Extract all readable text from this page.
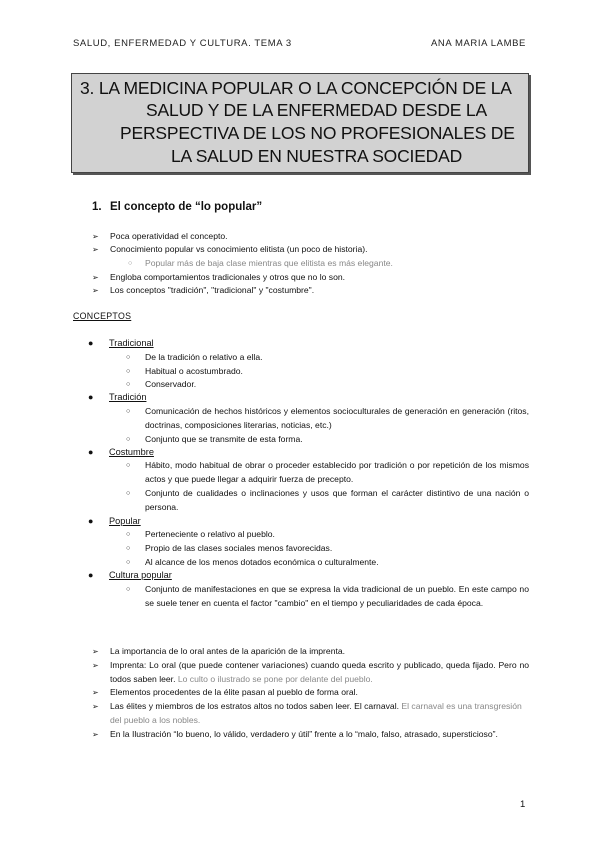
SALUD, ENFERMEDAD Y CULTURA. TEMA 3	ANA MARIA LAMBE
3. LA MEDICINA POPULAR O LA CONCEPCIÓN DE LA
SALUD Y DE LA ENFERMEDAD DESDE LA
PERSPECTIVA DE LOS NO PROFESIONALES DE
LA SALUD EN NUESTRA SOCIEDAD
1. El concepto de “lo popular”
➢ Poca operatividad el concepto.
➢ Conocimiento popular vs conocimiento elitista (un poco de historia).
○ Popular más de baja clase mientras que elitista es más elegante.
➢ Engloba comportamientos tradicionales y otros que no lo son.
➢ Los conceptos "tradición", "tradicional" y "costumbre".
CONCEPTOS
● Tradicional
○ De la tradición o relativo a ella.
○ Habitual o acostumbrado.
○ Conservador.
● Tradición
○ Comunicación de hechos históricos y elementos socioculturales de generación en generación (ritos, doctrinas, composiciones literarias, noticias, etc.)
○ Conjunto que se transmite de esta forma.
● Costumbre
○ Hábito, modo habitual de obrar o proceder establecido por tradición o por repetición de los mismos actos y que puede llegar a adquirir fuerza de precepto.
○ Conjunto de cualidades o inclinaciones y usos que forman el carácter distintivo de una nación o persona.
● Popular
○ Perteneciente o relativo al pueblo.
○ Propio de las clases sociales menos favorecidas.
○ Al alcance de los menos dotados económica o culturalmente.
● Cultura popular
○ Conjunto de manifestaciones en que se expresa la vida tradicional de un pueblo. En este campo no se suele tener en cuenta el factor "cambio" en el tiempo y peculiaridades de cada época.
➢ La importancia de lo oral antes de la aparición de la imprenta.
➢ Imprenta: Lo oral (que puede contener variaciones) cuando queda escrito y publicado, queda fijado. Pero no todos saben leer. Lo culto o ilustrado se pone por delante del pueblo.
➢ Elementos procedentes de la élite pasan al pueblo de forma oral.
➢ Las élites y miembros de los estratos altos no todos saben leer. El carnaval. El carnaval es una transgresión del pueblo a los nobles.
➢ En la Ilustración “lo bueno, lo válido, verdadero y útil” frente a lo “malo, falso, atrasado, supersticioso”.
1
